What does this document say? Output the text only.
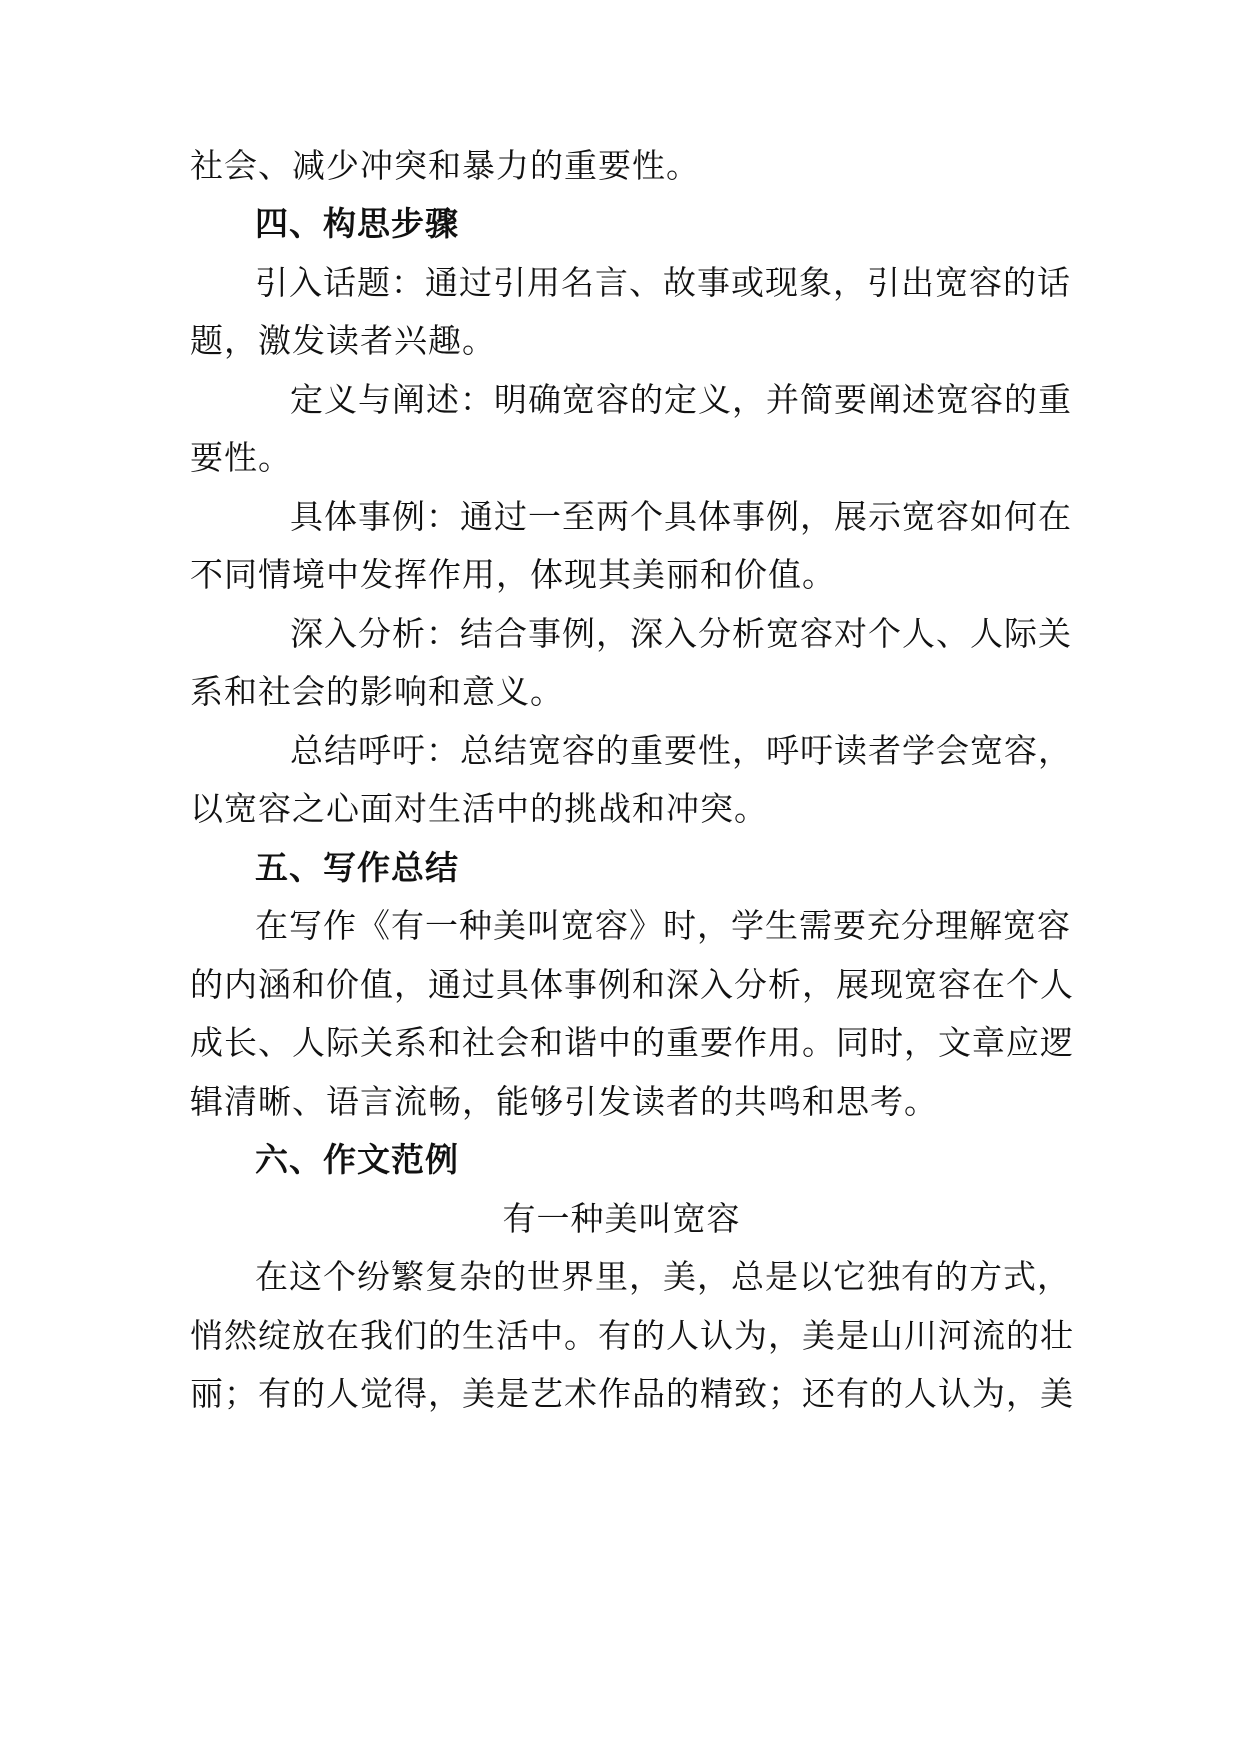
社会、减少冲突和暴力的重要性。
四、构思步骤
引入话题：通过引用名言、故事或现象，引出宽容的话
题，激发读者兴趣。
定义与阐述：明确宽容的定义，并简要阐述宽容的重
要性。
具体事例：通过一至两个具体事例，展示宽容如何在
不同情境中发挥作用，体现其美丽和价值。
深入分析：结合事例，深入分析宽容对个人、人际关
系和社会的影响和意义。
总结呼吁：总结宽容的重要性，呼吁读者学会宽容，
以宽容之心面对生活中的挑战和冲突。
五、写作总结
在写作《有一种美叫宽容》时，学生需要充分理解宽容
的内涵和价值，通过具体事例和深入分析，展现宽容在个人
成长、人际关系和社会和谐中的重要作用。同时，文章应逻
辑清晰、语言流畅，能够引发读者的共鸣和思考。
六、作文范例
有一种美叫宽容
在这个纷繁复杂的世界里，美，总是以它独有的方式，
悄然绽放在我们的生活中。有的人认为，美是山川河流的壮
丽；有的人觉得，美是艺术作品的精致；还有的人认为，美
